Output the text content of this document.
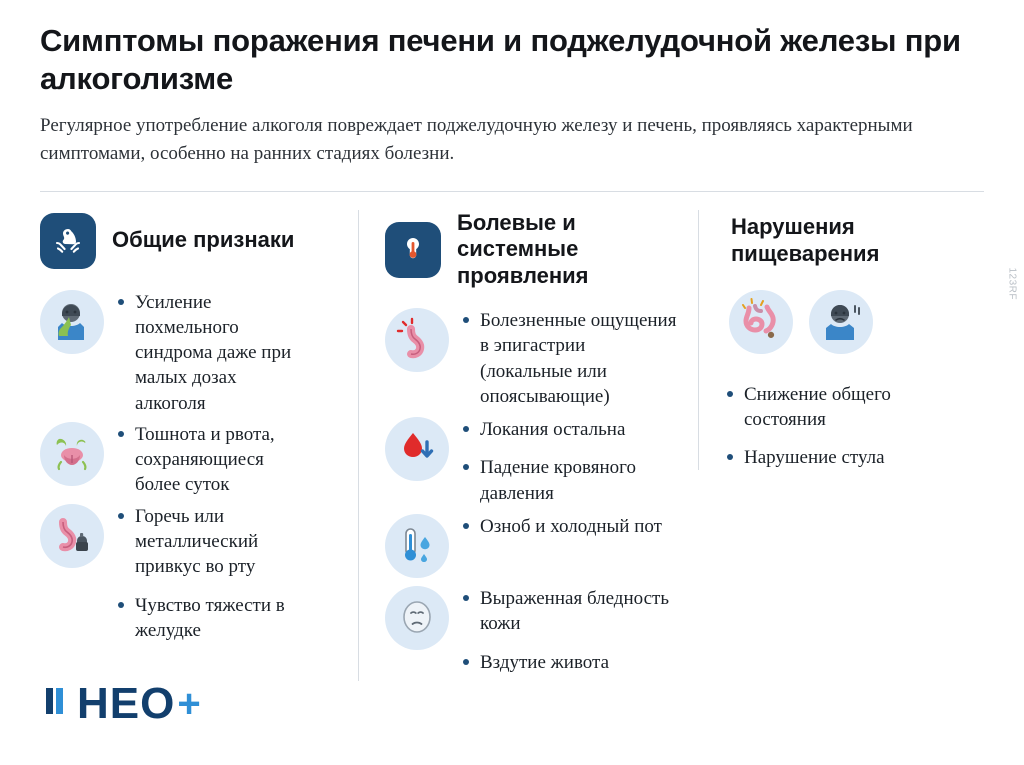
Симптомы поражения печени и поджелудочной железы при алкоголизме

Регулярное употребление алкоголя повреждает поджелудочную железу и печень, проявляясь характерными симптомами, особенно на ранних стадиях болезни.

Общие признаки
Усиление похмельного синдрома даже при малых дозах алкоголя
Тошнота и рвота, сохраняющиеся более суток
Горечь или металлический привкус во рту
Чувство тяжести в желудке
Болевые и системные проявления
Болезненные ощущения в эпигастрии (локальные или опоясывающие)
Локания остальна
Падение кровяного давления
Озноб и холодный пот
Выраженная бледность кожи
Вздутие живота
Нарушения пищеварения
Снижение общего состояния
Нарушение стула
НЕО +
123RF
